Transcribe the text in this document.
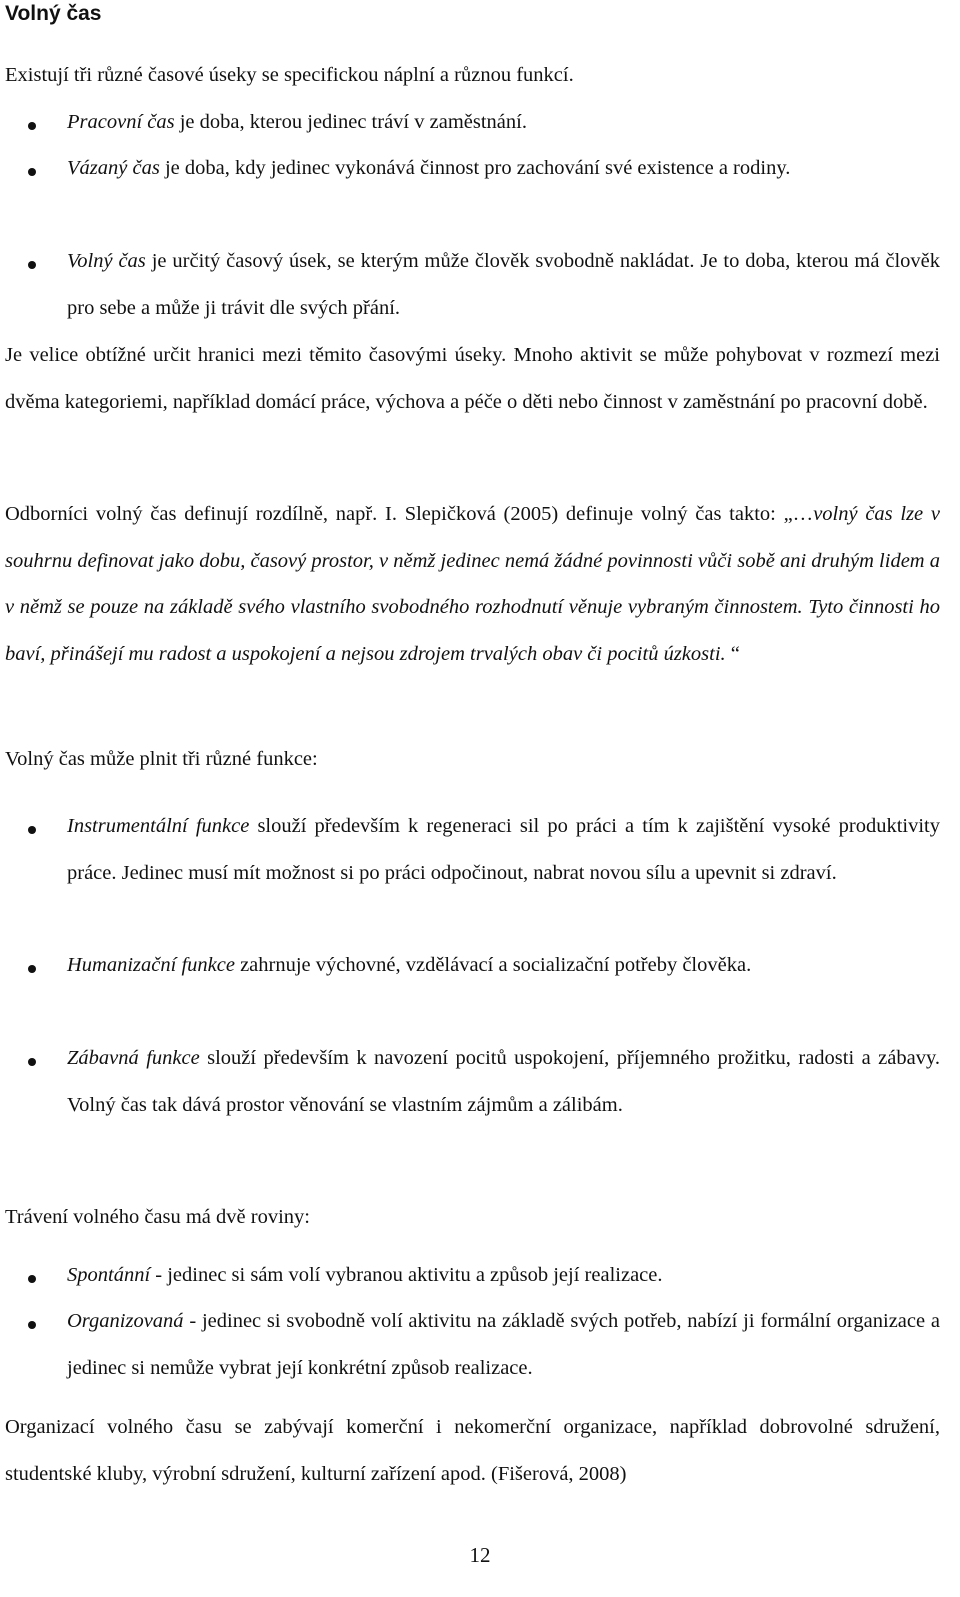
Volný čas
Existují tři různé časové úseky se specifickou náplní a různou funkcí.
Pracovní čas je doba, kterou jedinec tráví v zaměstnání.
Vázaný čas je doba, kdy jedinec vykonává činnost pro zachování své existence a rodiny.
Volný čas je určitý časový úsek, se kterým může člověk svobodně nakládat. Je to doba, kterou má člověk pro sebe a může ji trávit dle svých přání.
Je velice obtížné určit hranici mezi těmito časovými úseky. Mnoho aktivit se může pohybovat v rozmezí mezi dvěma kategoriemi, například domácí práce, výchova a péče o děti nebo činnost v zaměstnání po pracovní době.
Odborníci volný čas definují rozdílně, např. I. Slepičková (2005) definuje volný čas takto: „…volný čas lze v souhrnu definovat jako dobu, časový prostor, v němž jedinec nemá žádné povinnosti vůči sobě ani druhým lidem a v němž se pouze na základě svého vlastního svobodného rozhodnutí věnuje vybraným činnostem. Tyto činnosti ho baví, přinášejí mu radost a uspokojení a nejsou zdrojem trvalých obav či pocitů úzkosti. “
Volný čas může plnit tři různé funkce:
Instrumentální funkce slouží především k regeneraci sil po práci a tím k zajištění vysoké produktivity práce. Jedinec musí mít možnost si po práci odpočinout, nabrat novou sílu a upevnit si zdraví.
Humanizační funkce zahrnuje výchovné, vzdělávací a socializační potřeby člověka.
Zábavná funkce slouží především k navození pocitů uspokojení, příjemného prožitku, radosti a zábavy. Volný čas tak dává prostor věnování se vlastním zájmům a zálibám.
Trávení volného času má dvě roviny:
Spontánní - jedinec si sám volí vybranou aktivitu a způsob její realizace.
Organizovaná - jedinec si svobodně volí aktivitu na základě svých potřeb, nabízí ji formální organizace a jedinec si nemůže vybrat její konkrétní způsob realizace.
Organizací volného času se zabývají komerční i nekomerční organizace, například dobrovolné sdružení, studentské kluby, výrobní sdružení, kulturní zařízení apod. (Fišerová, 2008)
12
